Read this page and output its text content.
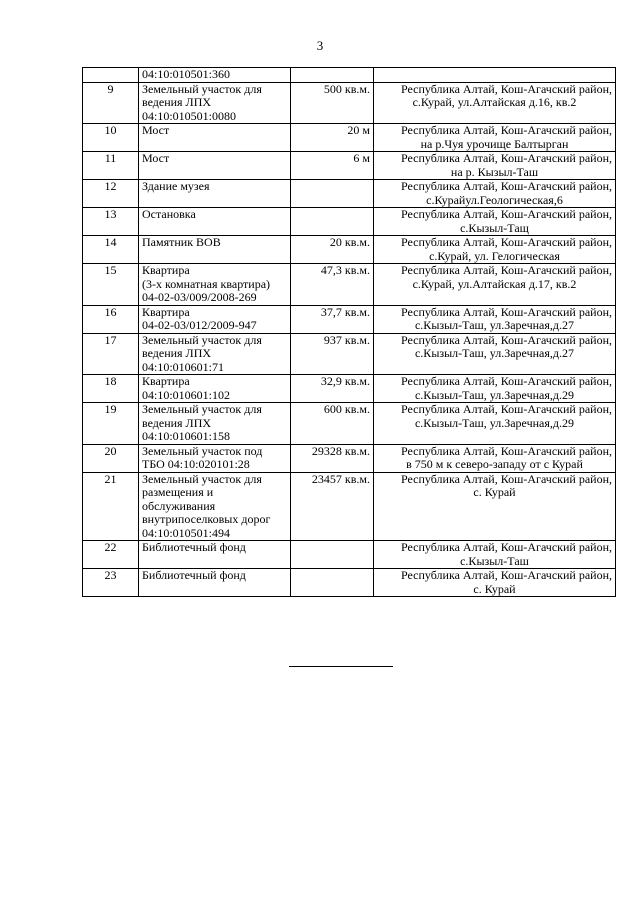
3

	04:10:010501:360		

9	Земельный участок для
ведения ЛПХ
04:10:010501:0080	500 кв.м.	Республика Алтай, Кош-Агачский район,
с.Курай, ул.Алтайская д.16, кв.2

10	Мост	20 м	Республика Алтай, Кош-Агачский район,
на р.Чуя урочище Балтырган

11	Мост	6 м	Республика Алтай, Кош-Агачский район,
на р. Кызыл-Таш

12	Здание музея		Республика Алтай, Кош-Агачский район,
с.Курайул.Геологическая,6

13	Остановка		Республика Алтай, Кош-Агачский район,
с.Кызыл-Тащ

14	Памятник ВОВ	20 кв.м.	Республика Алтай, Кош-Агачский район,
с.Курай, ул. Гелогическая

15	Квартира
(3-х комнатная квартира)
04-02-03/009/2008-269	47,3 кв.м.	Республика Алтай, Кош-Агачский район,
с.Курай, ул.Алтайская д.17, кв.2

16	Квартира
04-02-03/012/2009-947	37,7 кв.м.	Республика Алтай, Кош-Агачский район,
с.Кызыл-Таш, ул.Заречная,д.27

17	Земельный участок для
ведения ЛПХ
04:10:010601:71	937 кв.м.	Республика Алтай, Кош-Агачский район,
с.Кызыл-Таш, ул.Заречная,д.27

18	Квартира
04:10:010601:102	32,9 кв.м.	Республика Алтай, Кош-Агачский район,
с.Кызыл-Таш, ул.Заречная,д.29

19	Земельный участок для
ведения ЛПХ
04:10:010601:158	600 кв.м.	Республика Алтай, Кош-Агачский район,
с.Кызыл-Таш, ул.Заречная,д.29

20	Земельный участок под
ТБО 04:10:020101:28	29328 кв.м.	Республика Алтай, Кош-Агачский район,
в 750 м к северо-западу от с Курай

21	Земельный участок для
размещения и
обслуживания
внутрипоселковых дорог
04:10:010501:494	23457 кв.м.	Республика Алтай, Кош-Агачский район,
с. Курай

22	Библиотечный фонд		Республика Алтай, Кош-Агачский район,
с.Кызыл-Таш

23	Библиотечный фонд		Республика Алтай, Кош-Агачский район,
с. Курай
